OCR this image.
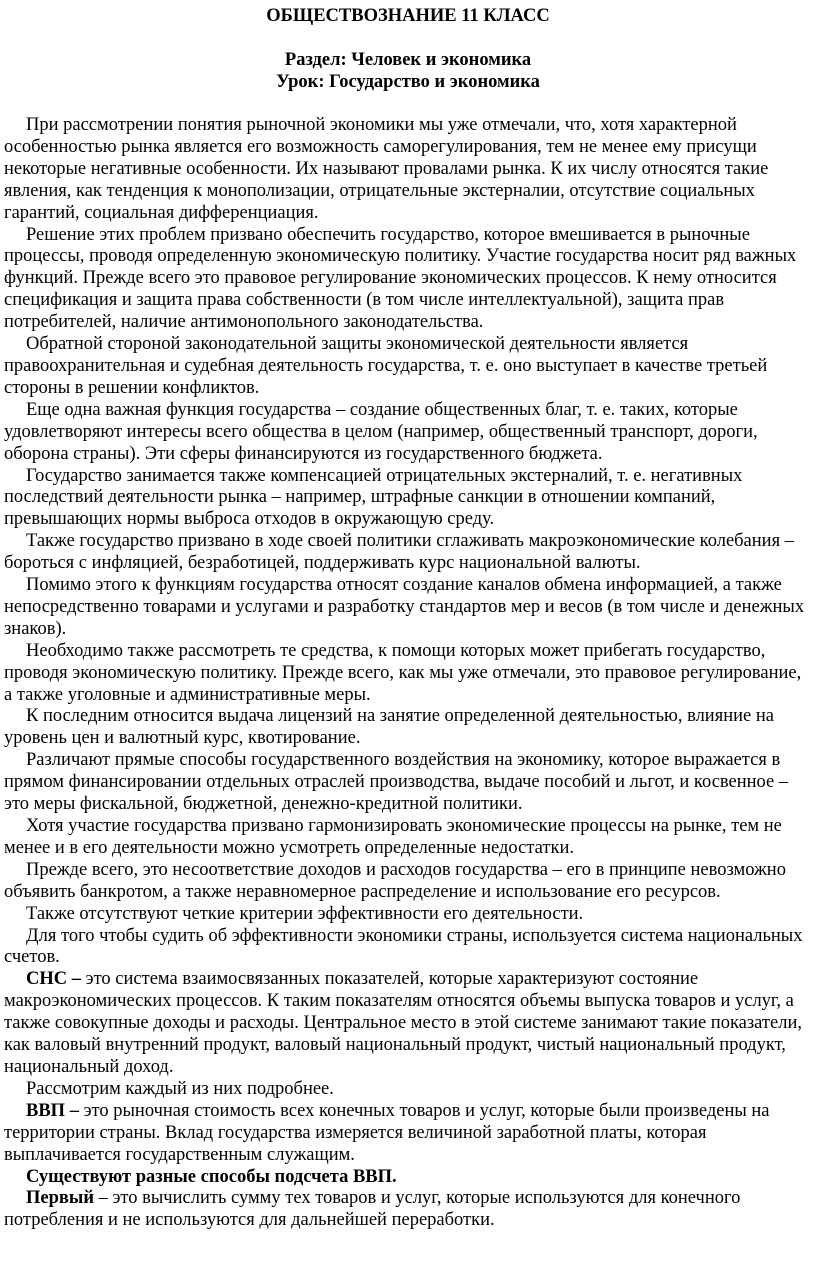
ОБЩЕСТВОЗНАНИЕ 11 КЛАСС

Раздел: Человек и экономика

Урок: Государство и экономика

При рассмотрении понятия рыночной экономики мы уже отмечали, что, хотя характерной особенностью рынка является его возможность саморегулирования, тем не менее ему присущи некоторые негативные особенности. Их называют провалами рынка. К их числу относятся такие явления, как тенденция к монополизации, отрицательные экстерналии, отсутствие социальных гарантий, социальная дифференциация.

Решение этих проблем призвано обеспечить государство, которое вмешивается в рыночные процессы, проводя определенную экономическую политику. Участие государства носит ряд важных функций. Прежде всего это правовое регулирование экономических процессов. К нему относится спецификация и защита права собственности (в том числе интеллектуальной), защита прав потребителей, наличие антимонопольного законодательства.

Обратной стороной законодательной защиты экономической деятельности является правоохранительная и судебная деятельность государства, т. е. оно выступает в качестве третьей стороны в решении конфликтов.

Еще одна важная функция государства – создание общественных благ, т. е. таких, которые удовлетворяют интересы всего общества в целом (например, общественный транспорт, дороги, оборона страны). Эти сферы финансируются из государственного бюджета.

Государство занимается также компенсацией отрицательных экстерналий, т. е. негативных последствий деятельности рынка – например, штрафные санкции в отношении компаний, превышающих нормы выброса отходов в окружающую среду.

Также государство призвано в ходе своей политики сглаживать макроэкономические колебания – бороться с инфляцией, безработицей, поддерживать курс национальной валюты.

Помимо этого к функциям государства относят создание каналов обмена информацией, а также непосредственно товарами и услугами и разработку стандартов мер и весов (в том числе и денежных знаков).

Необходимо также рассмотреть те средства, к помощи которых может прибегать государство, проводя экономическую политику. Прежде всего, как мы уже отмечали, это правовое регулирование, а также уголовные и административные меры.

К последним относится выдача лицензий на занятие определенной деятельностью, влияние на уровень цен и валютный курс, квотирование.

Различают прямые способы государственного воздействия на экономику, которое выражается в прямом финансировании отдельных отраслей производства, выдаче пособий и льгот, и косвенное – это меры фискальной, бюджетной, денежно-кредитной политики.

Хотя участие государства призвано гармонизировать экономические процессы на рынке, тем не менее и в его деятельности можно усмотреть определенные недостатки.

Прежде всего, это несоответствие доходов и расходов государства – его в принципе невозможно объявить банкротом, а также неравномерное распределение и использование его ресурсов.

Также отсутствуют четкие критерии эффективности его деятельности.

Для того чтобы судить об эффективности экономики страны, используется система национальных счетов.

СНС – это система взаимосвязанных показателей, которые характеризуют состояние макроэкономических процессов. К таким показателям относятся объемы выпуска товаров и услуг, а также совокупные доходы и расходы. Центральное место в этой системе занимают такие показатели, как валовый внутренний продукт, валовый национальный продукт, чистый национальный продукт, национальный доход.

Рассмотрим каждый из них подробнее.

ВВП – это рыночная стоимость всех конечных товаров и услуг, которые были произведены на территории страны. Вклад государства измеряется величиной заработной платы, которая выплачивается государственным служащим.

Существуют разные способы подсчета ВВП.

Первый – это вычислить сумму тех товаров и услуг, которые используются для конечного потребления и не используются для дальнейшей переработки.
